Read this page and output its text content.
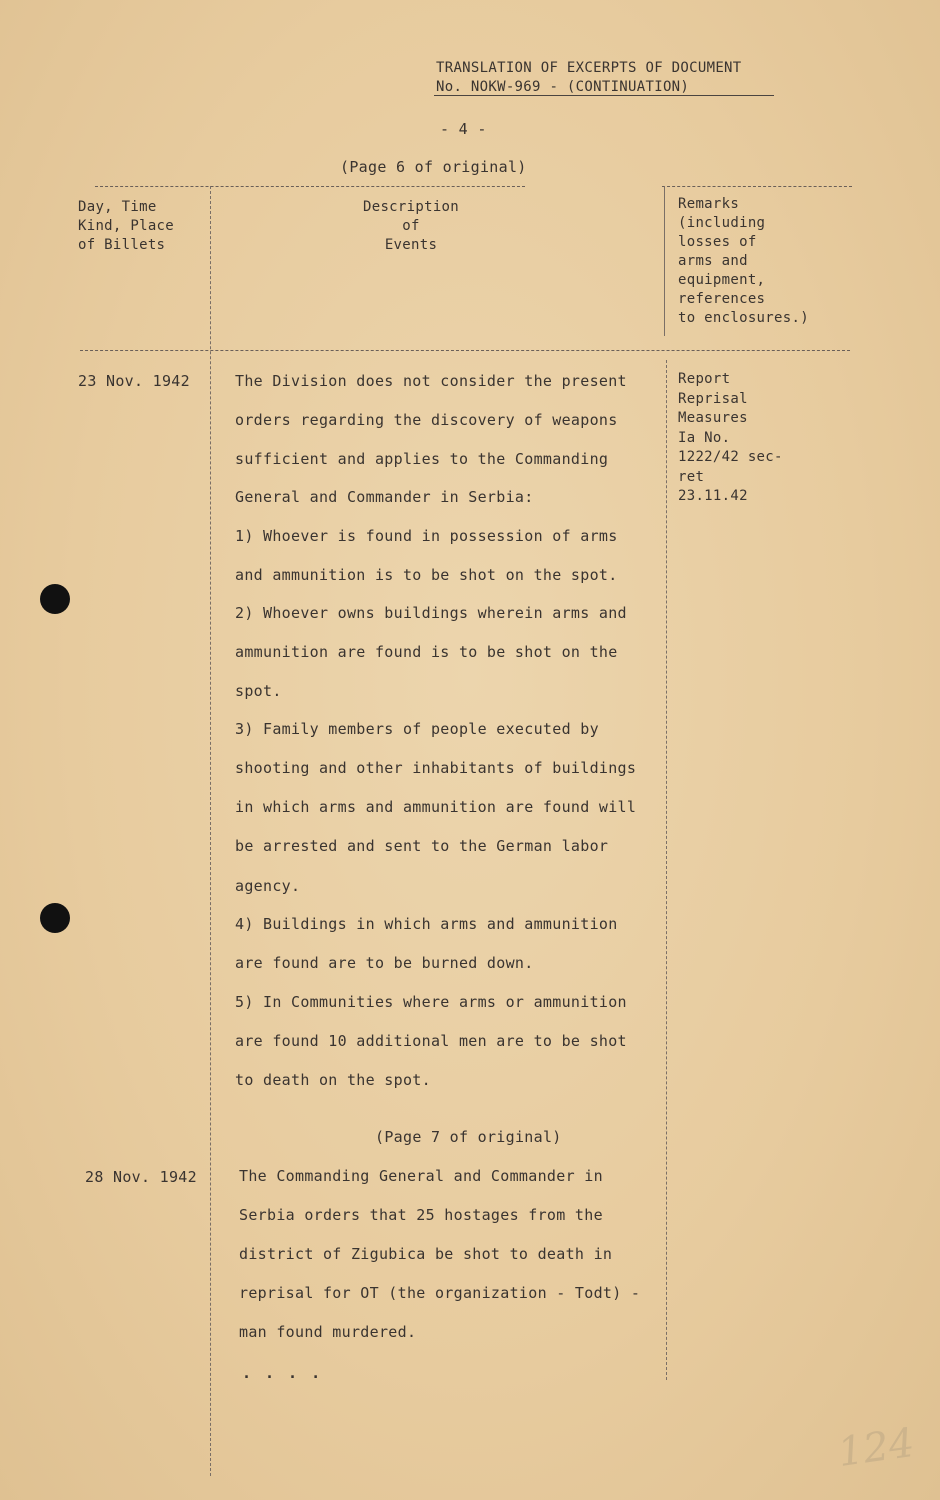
TRANSLATION OF EXCERPTS OF DOCUMENT
No. NOKW-969 - (CONTINUATION)
- 4 -
(Page 6 of original)
Day, Time
Kind, Place
of Billets
Description
of
Events
Remarks
(including
losses of
arms and
equipment,
references
to enclosures.)
23 Nov. 1942	The Division does not consider the present
orders regarding the discovery of weapons
sufficient and applies to the Commanding
General and Commander in Serbia:
1) Whoever is found in possession of arms
and ammunition is to be shot on the spot.
2) Whoever owns buildings wherein arms and
ammunition are found is to be shot on the
spot.
3) Family members of people executed by
shooting and other inhabitants of buildings
in which arms and ammunition are found will
be arrested and sent to the German labor
agency.
4) Buildings in which arms and ammunition
are found are to be burned down.
5) In Communities where arms or ammunition
are found 10 additional men are to be shot
to death on the spot.
Report
Reprisal
Measures
Ia No.
1222/42 sec-
ret
23.11.42
(Page 7 of original)
28 Nov. 1942	The Commanding General and Commander in
Serbia orders that 25 hostages from the
district of Zigubica be shot to death in
reprisal for OT (the organization - Todt) -
man found murdered.
....
124
